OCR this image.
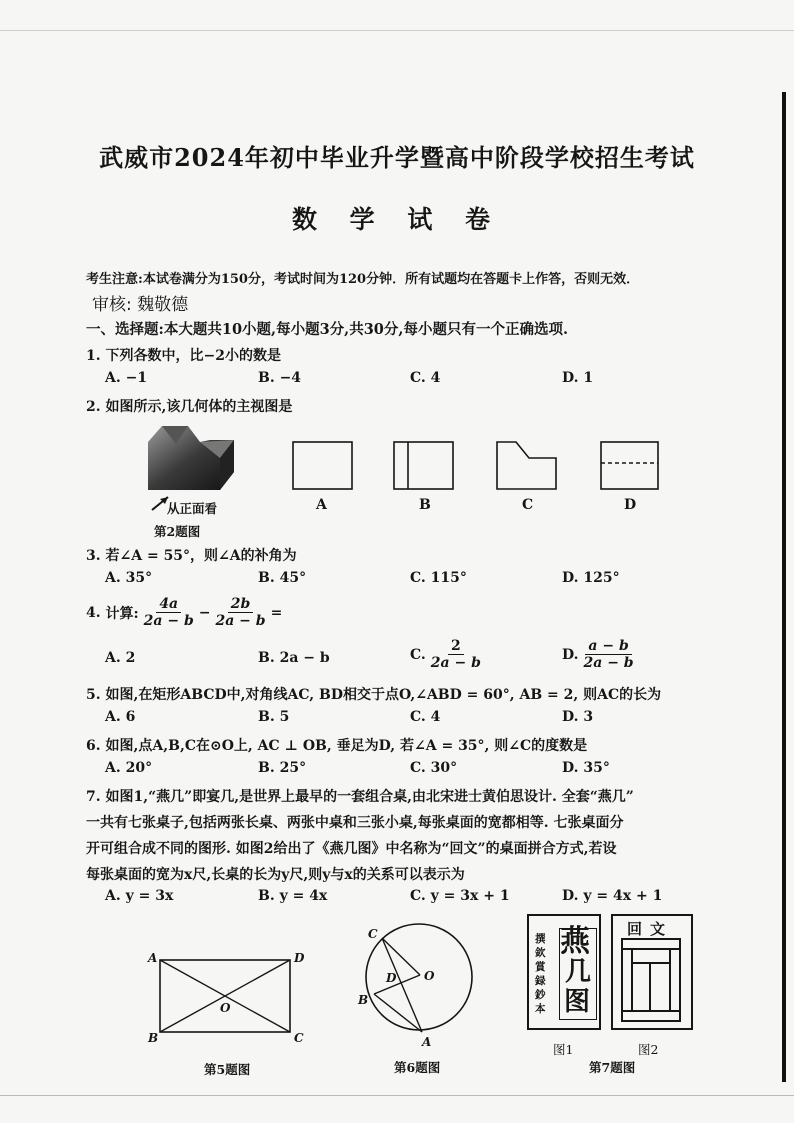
武威市2024年初中毕业升学暨高中阶段学校招生考试
数 学 试 卷
考生注意:本试卷满分为150分，考试时间为120分钟．所有试题均在答题卡上作答，否则无效．
审核: 魏敬德
一、选择题:本大题共10小题,每小题3分,共30分,每小题只有一个正确选项.
1. 下列各数中，比−2小的数是
A. −1	B. −4	C. 4	D. 1
2. 如图所示,该几何体的主视图是
从正面看
第2题图
A	B	C	D
3. 若∠A = 55°，则∠A的补角为
A. 35°	B. 45°	C. 115°	D. 125°
4.
计算: $\frac{4a}{2a - b} - \frac{2b}{2a - b}$ =
A. 2	B. 2a − b	C. $\frac{2}{2a - b}$	D. $\frac{a - b}{2a - b}$
5. 如图,在矩形ABCD中,对角线AC, BD相交于点O,∠ABD = 60°, AB = 2, 则AC的长为
A. 6	B. 5	C. 4	D. 3
6. 如图,点A,B,C在⊙O上, AC ⊥ OB, 垂足为D, 若∠A = 35°, 则∠C的度数是
A. 20°	B. 25°	C. 30°	D. 35°
7. 如图1,“燕几”即宴几,是世界上最早的一套组合桌,由北宋进士黄伯思设计. 全套“燕几”
一共有七张桌子,包括两张长桌、两张中桌和三张小桌,每张桌面的宽都相等. 七张桌面分
开可组合成不同的图形. 如图2给出了《燕几图》中名称为“回文”的桌面拼合方式,若设
每张桌面的宽为x尺,长桌的长为y尺,则y与x的关系可以表示为
A. y = 3x	B. y = 4x	C. y = 3x + 1	D. y = 4x + 1
A	D
B	C
O
第5题图
C
D O
B
A
第6题图
撰欽賞録鈔本
燕
几
图
图1
回文
图2
第7题图
